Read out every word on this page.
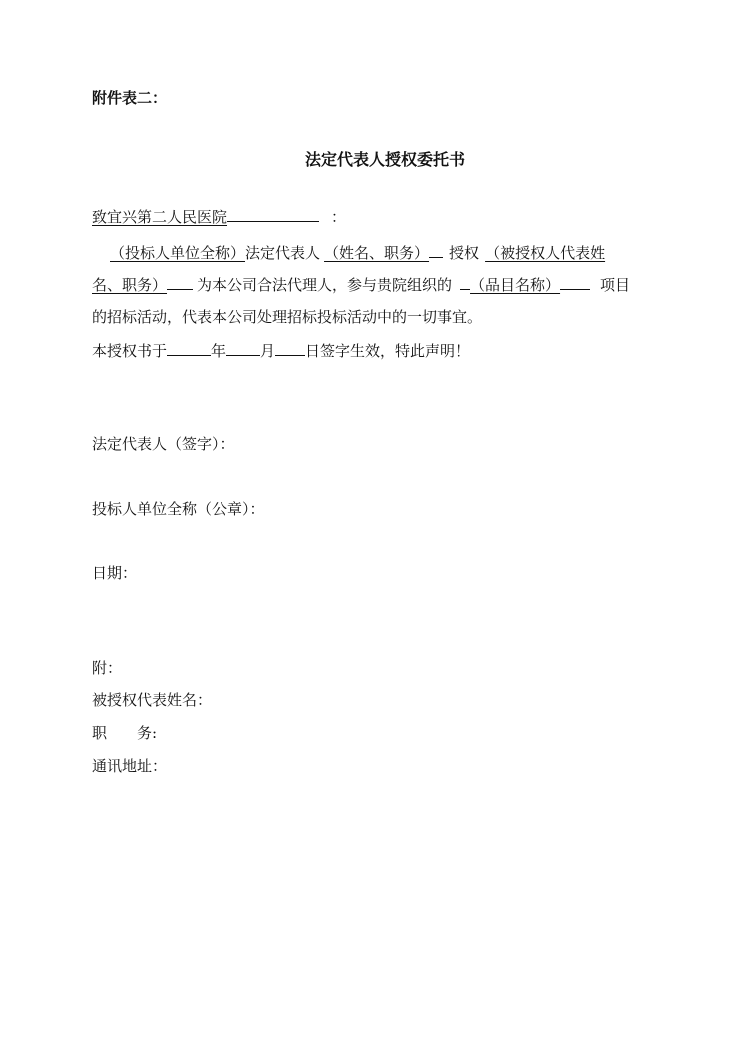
附件表二：
法定代表人授权委托书
致宜兴第二人民医院	：
（投标人单位全称）法定代表人 （姓名、职务） 授权 （被授权人代表姓
名、职务） 为本公司合法代理人，参与贵院组织的 （品目名称）	项目
的招标活动，代表本公司处理招标投标活动中的一切事宜。
本授权书于	年 月 日签字生效，特此声明！
法定代表人（签字）：
投标人单位全称（公章）：
日期：
附：
被授权代表姓名：
职　　务:
通讯地址：
